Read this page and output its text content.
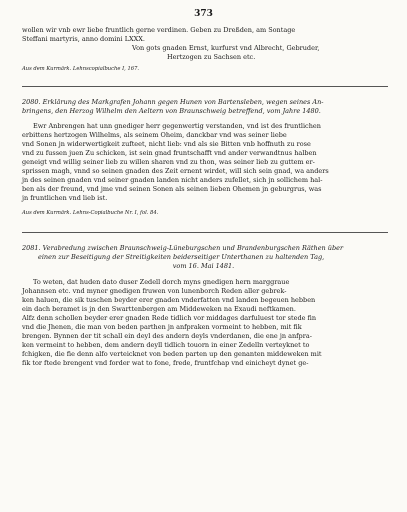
373
wollen wir vnb ewr liebe fruntlich gerne verdinen. Geben zu Dreßden, am Sontage
Steffani martyris, anno domini LXXX.
Von gots gnaden Ernst, kurfurst vnd Albrecht, Gebruder,
Hertzogen zu Sachsen etc.
Aus dem Kurmärk. Lehnscopialbuche I, 167.
2080. Erklärung des Markgrafen Johann gegen Hunen von Bartensleben, wegen seines An-
bringens, den Herzog Wilhelm den Aeltern von Braunschweig betreffend, vom Jahre 1480.
Ewr Anbrengen hat unn gnediger herr gegenwertig verstanden, vnd ist des fruntlichen
erbittens hertzogen Wilhelms, als seinem Oheim, danckbar vnd was seiner liebe
vnd Sonen jn widerwertigkeit zufteet, nicht lieb: vnd als sie Bitten vnb hoffnuth zu rose
vnd zu fussen juen Zu schicken, ist sein gnad fruntschafft vnd ander verwandtnus halben
geneigt vnd willig seiner lieb zu willen sharen vnd zu thon, was seiner lieb zu guttem er-
sprissen magh, vnnd so seinen gnaden des Zeit ernent wirdet, will sich sein gnad, wa anders
jn des seinen gnaden vnd seiner gnaden landen nicht anders zufellet, sich jn sollichem hal-
ben als der freund, vnd jme vnd seinen Sonen als seinen lieben Ohemen jn geburgrus, was
jn fruntlichen vnd lieb ist.
Aus dem Kurmärk. Lehns-Copialbuche Nr. I, fol. 84.
2081. Verabredung zwischen Braunschweig-Lüneburgschen und Brandenburgschen Räthen über
einen zur Beseitigung der Streitigkeiten beiderseitiger Unterthanen zu haltenden Tag,
vom 16. Mai 1481.
To weten, dat huden dato duser Zedell dorch myns gnedigen hern marggraue
Johannsen etc. vnd myner gnedigen fruwen von lunenborch Reden aller gebrek-
ken haluen, die sik tuschen beyder erer gnaden vnderfatten vnd landen begeuen hebben
ein dach beramet is jn den Swarttenbergen am Middeweken na Exaudi neftkamen.
Alfz denn schollen beyder erer gnaden Rede tidlich vor middages darfuluest tor stede fin
vnd die Jhenen, die man von beden parthen jn anfpraken vormeint to hebben, mit fik
brengen. Bynnen der tit schall ein deyl des andern deyls vnderdanen, die ene jn anfpra-
ken vermeint to hebben, dem andern deyll tidlich touorn in einer Zedelln verteyknet to
fchigken, die fie denn alfo verteicknet von beden parten up den genanten middeweken mit
fik tor ftede brengent vnd forder wat to fone, frede, fruntfchap vnd einicheyt dynet ge-
